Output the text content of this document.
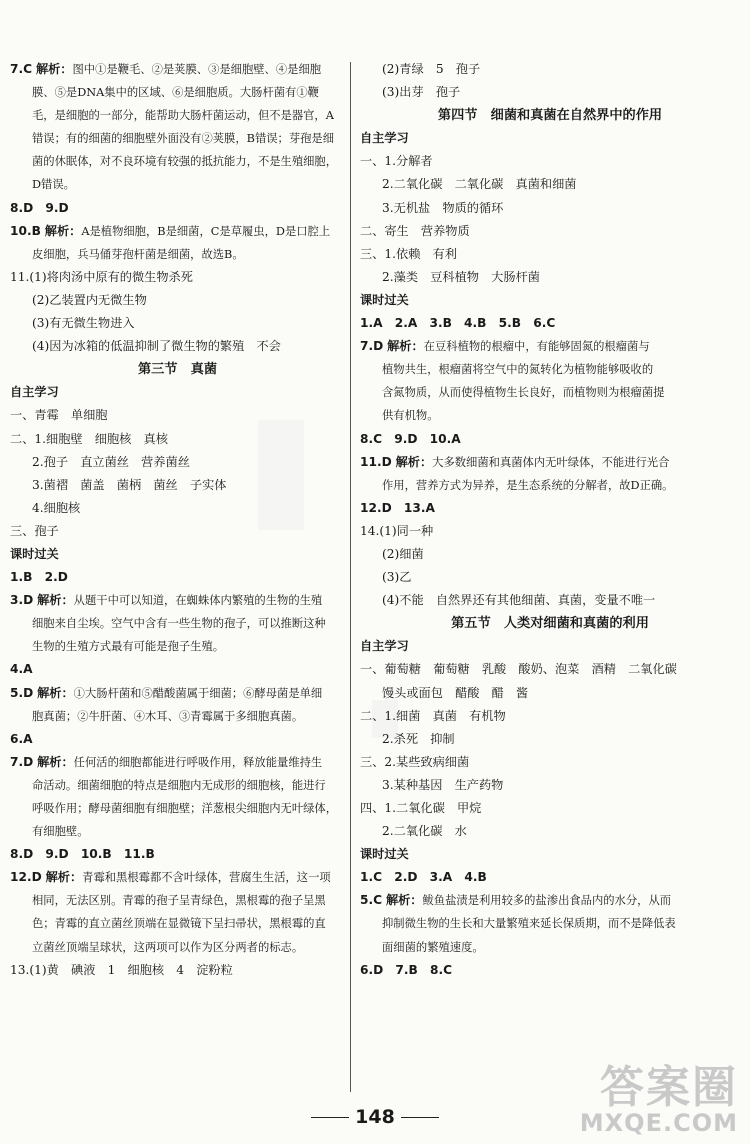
7.C 解析：图中①是鞭毛、②是荚膜、③是细胞壁、④是细胞
膜、⑤是DNA集中的区域、⑥是细胞质。大肠杆菌有①鞭
毛，是细胞的一部分，能帮助大肠杆菌运动，但不是器官，A
错误；有的细菌的细胞壁外面没有②荚膜，B错误；芽孢是细
菌的休眠体，对不良环境有较强的抵抗能力，不是生殖细胞，
D错误。
8.D　9.D
10.B 解析：A是植物细胞，B是细菌，C是草履虫，D是口腔上
皮细胞，兵马俑芽孢杆菌是细菌，故选B。
11.(1)将肉汤中原有的微生物杀死
(2)乙装置内无微生物
(3)有无微生物进入
(4)因为冰箱的低温抑制了微生物的繁殖　不会
第三节　真菌
自主学习
一、青霉　单细胞
二、1.细胞壁　细胞核　真核
2.孢子　直立菌丝　营养菌丝
3.菌褶　菌盖　菌柄　菌丝　子实体
4.细胞核
三、孢子
课时过关
1.B　2.D
3.D 解析：从题干中可以知道，在蜘蛛体内繁殖的生物的生殖
细胞来自尘埃。空气中含有一些生物的孢子，可以推断这种
生物的生殖方式最有可能是孢子生殖。
4.A
5.D 解析：①大肠杆菌和⑤醋酸菌属于细菌；⑥酵母菌是单细
胞真菌；②牛肝菌、④木耳、③青霉属于多细胞真菌。
6.A
7.D 解析：任何活的细胞都能进行呼吸作用，释放能量维持生
命活动。细菌细胞的特点是细胞内无成形的细胞核，能进行
呼吸作用；酵母菌细胞有细胞壁；洋葱根尖细胞内无叶绿体，
有细胞壁。
8.D　9.D　10.B　11.B
12.D 解析：青霉和黑根霉都不含叶绿体，营腐生生活，这一项
相同，无法区别。青霉的孢子呈青绿色，黑根霉的孢子呈黑
色；青霉的直立菌丝顶端在显微镜下呈扫帚状，黑根霉的直
立菌丝顶端呈球状，这两项可以作为区分两者的标志。
13.(1)黄　碘液　1　细胞核　4　淀粉粒
(2)青绿　5　孢子
(3)出芽　孢子
第四节　细菌和真菌在自然界中的作用
自主学习
一、1.分解者
2.二氧化碳　二氧化碳　真菌和细菌
3.无机盐　物质的循环
二、寄生　营养物质
三、1.依赖　有利
2.藻类　豆科植物　大肠杆菌
课时过关
1.A　2.A　3.B　4.B　5.B　6.C
7.D 解析：在豆科植物的根瘤中，有能够固氮的根瘤菌与
植物共生，根瘤菌将空气中的氮转化为植物能够吸收的
含氮物质，从而使得植物生长良好，而植物则为根瘤菌提
供有机物。
8.C　9.D　10.A
11.D 解析：大多数细菌和真菌体内无叶绿体，不能进行光合
作用，营养方式为异养，是生态系统的分解者，故D正确。
12.D　13.A
14.(1)同一种
(2)细菌
(3)乙
(4)不能　自然界还有其他细菌、真菌，变量不唯一
第五节　人类对细菌和真菌的利用
自主学习
一、葡萄糖　葡萄糖　乳酸　酸奶、泡菜　酒精　二氧化碳
馒头或面包　醋酸　醋　酱
二、1.细菌　真菌　有机物
2.杀死　抑制
三、2.某些致病细菌
3.某种基因　生产药物
四、1.二氧化碳　甲烷
2.二氧化碳　水
课时过关
1.C　2.D　3.A　4.B
5.C 解析：鲅鱼盐渍是利用较多的盐渗出食品内的水分，从而
抑制微生物的生长和大量繁殖来延长保质期，而不是降低表
面细菌的繁殖速度。
6.D　7.B　8.C
148
答案圈
MXQE.COM
